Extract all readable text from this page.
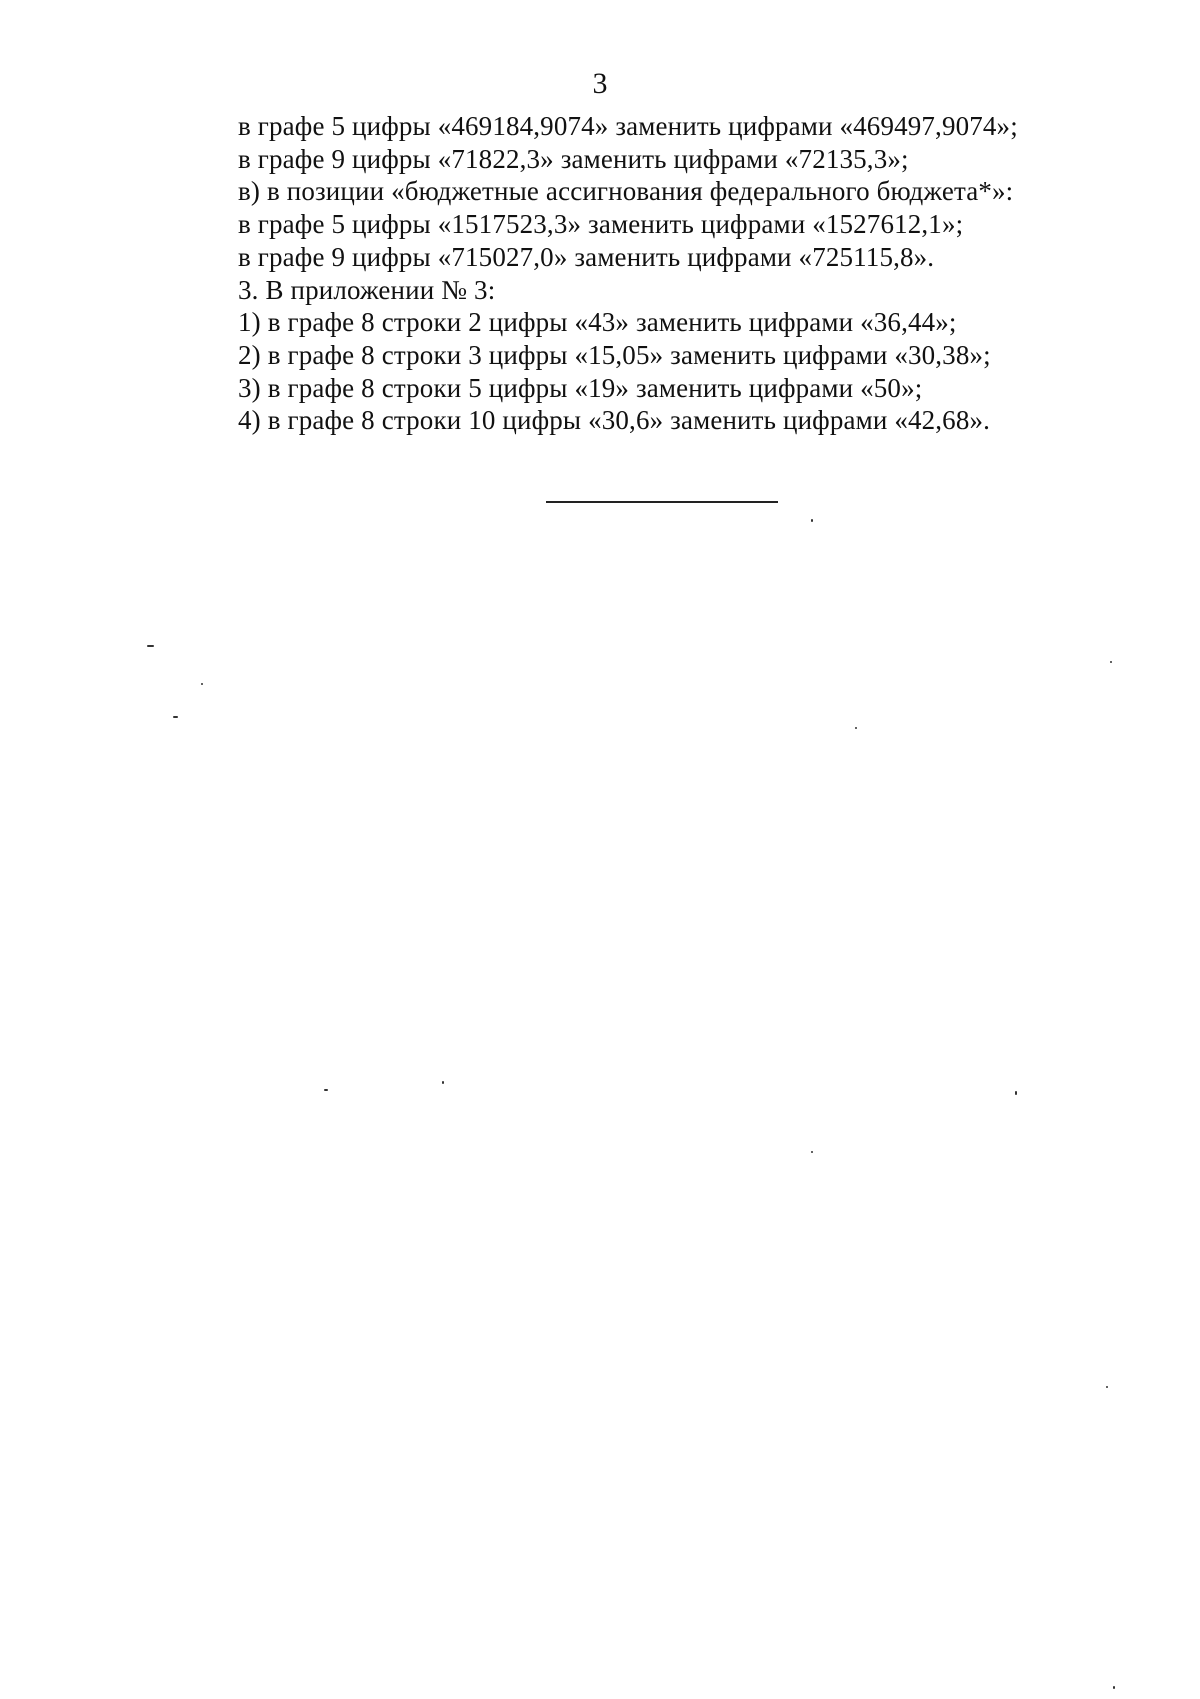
3
в графе 5 цифры «469184,9074» заменить цифрами «469497,9074»;
в графе 9 цифры «71822,3» заменить цифрами «72135,3»;
в) в позиции «бюджетные ассигнования федерального бюджета*»:
в графе 5 цифры «1517523,3» заменить цифрами «1527612,1»;
в графе 9 цифры «715027,0» заменить цифрами «725115,8».
3. В приложении № 3:
1) в графе 8 строки 2 цифры «43» заменить цифрами «36,44»;
2) в графе 8 строки 3 цифры «15,05» заменить цифрами «30,38»;
3) в графе 8 строки 5 цифры «19» заменить цифрами «50»;
4) в графе 8 строки 10 цифры «30,6» заменить цифрами «42,68».
